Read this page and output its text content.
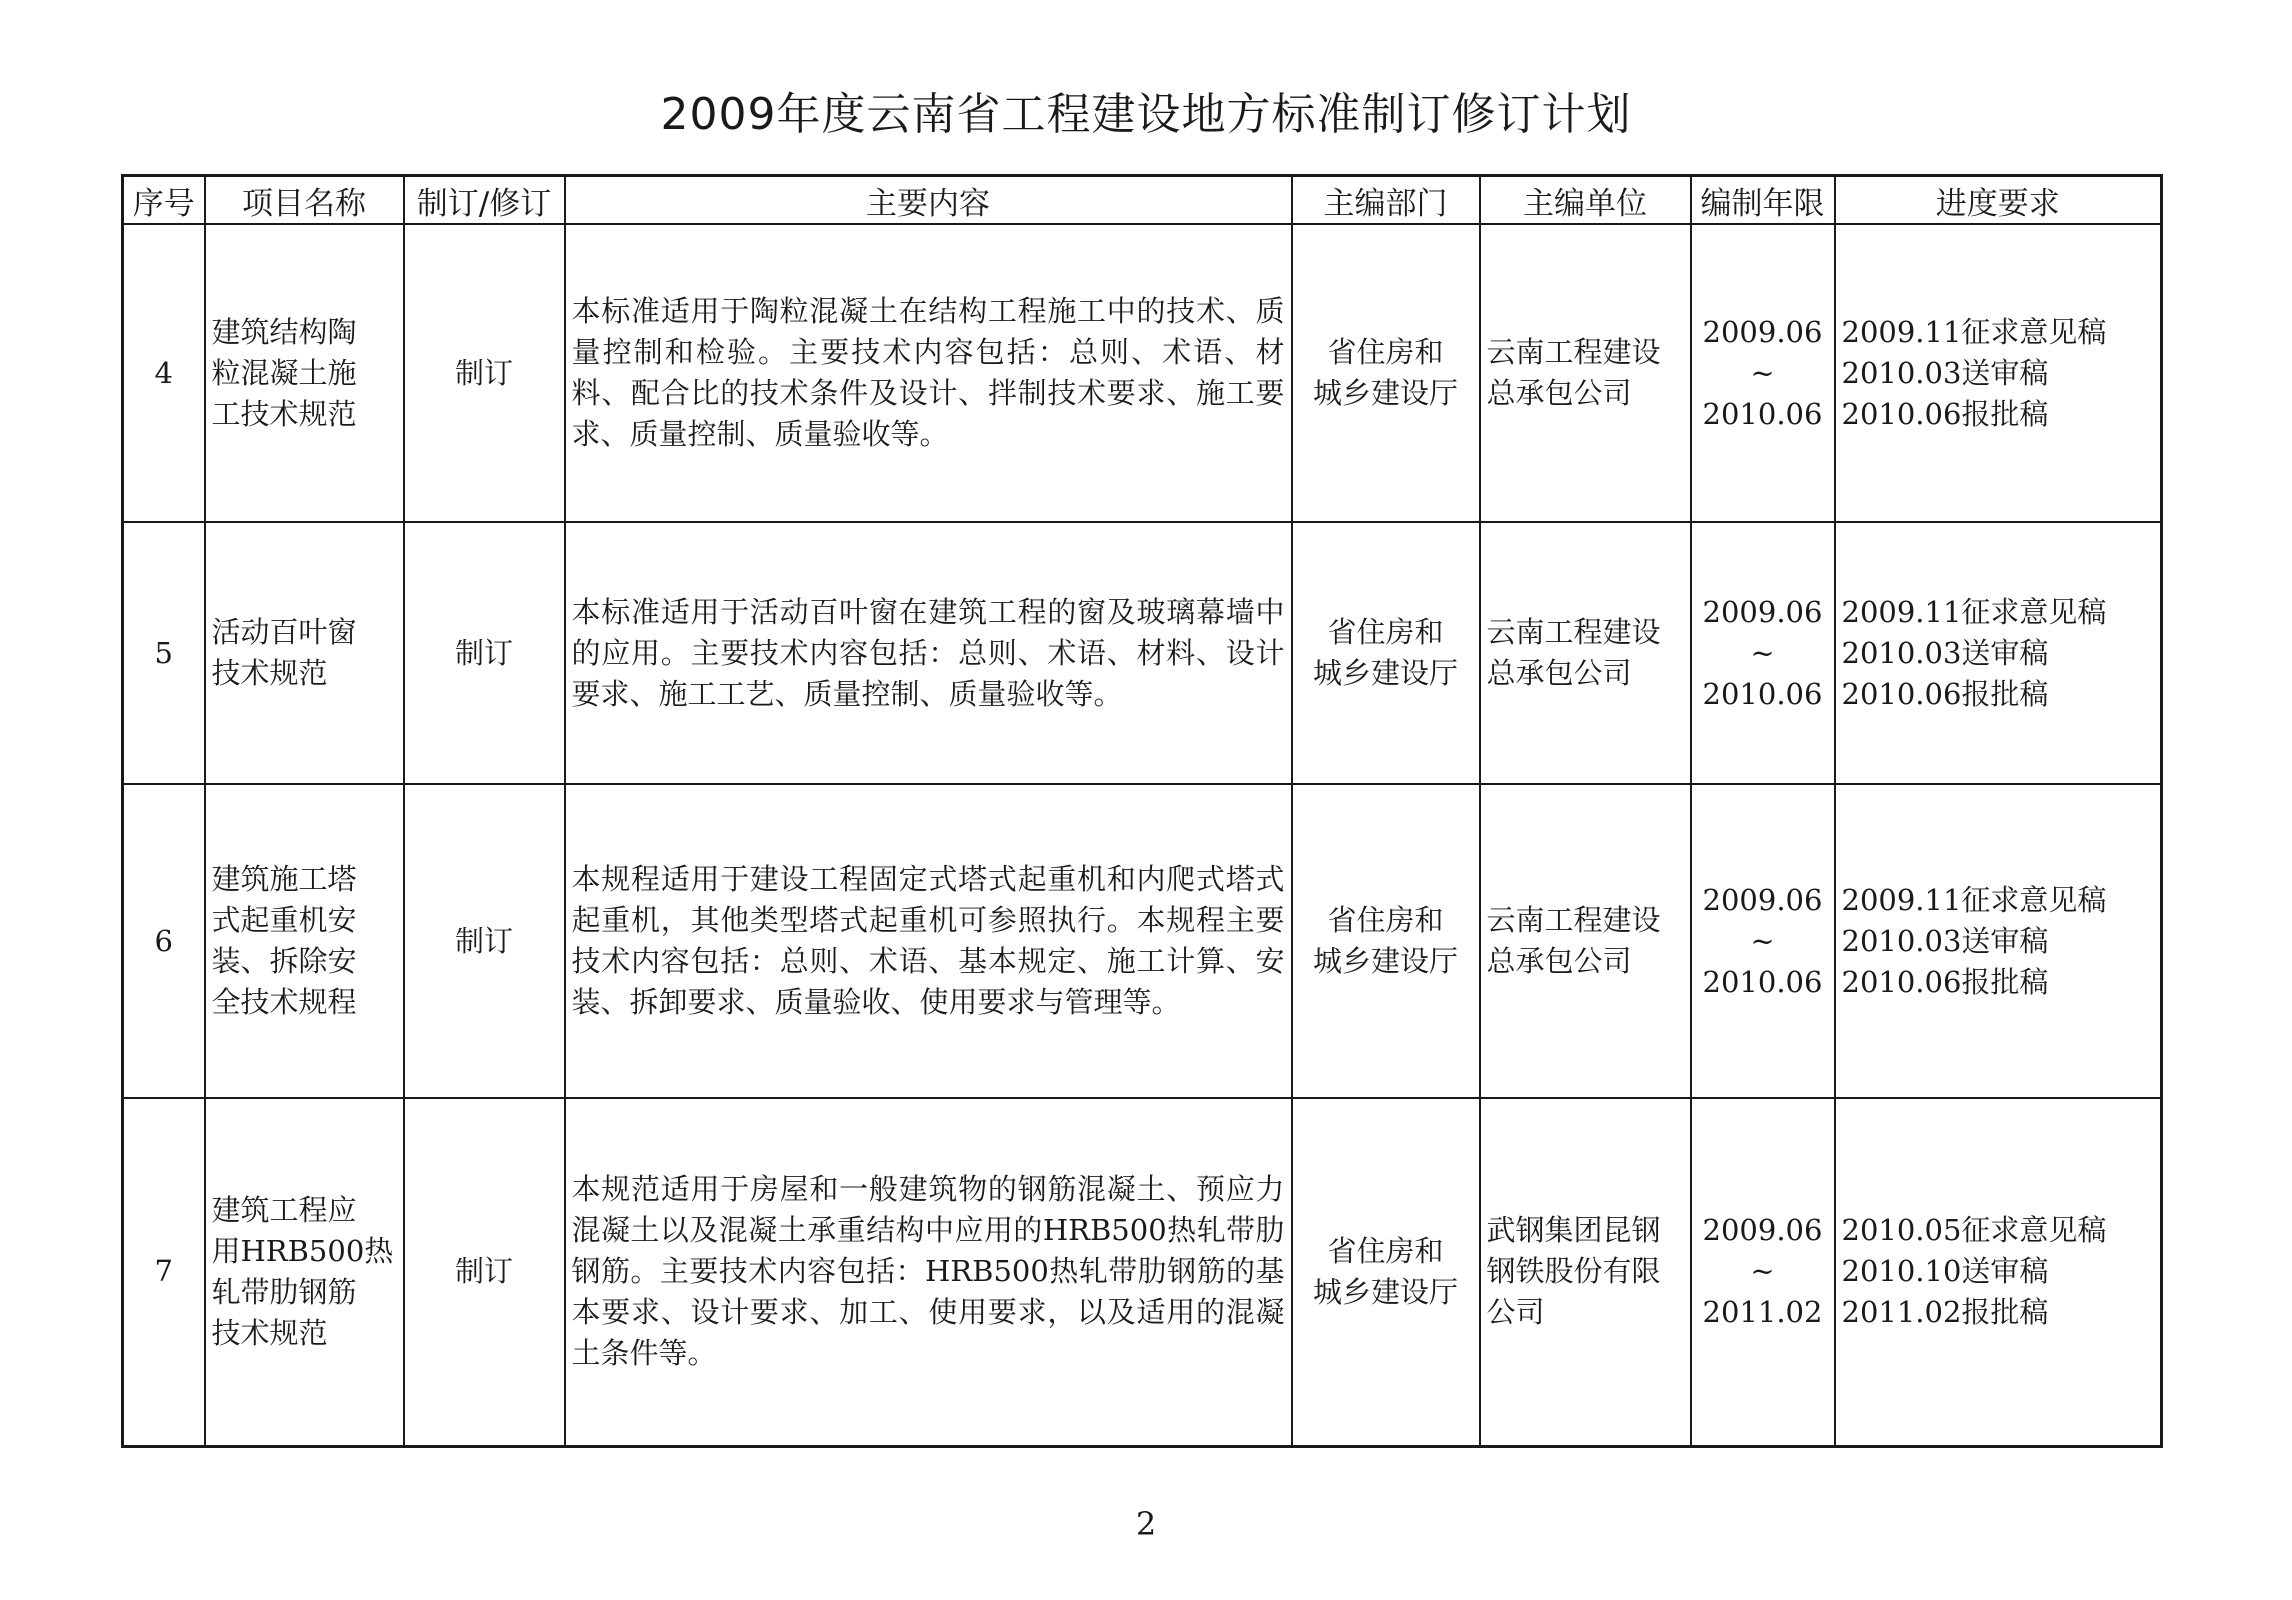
2009年度云南省工程建设地方标准制订修订计划
序号	项目名称	制订/修订	主要内容	主编部门	主编单位	编制年限	进度要求
4	建筑结构陶
粒混凝土施
工技术规范	制订	本标准适用于陶粒混凝土在结构工程施工中的技术、质量控制和检验。主要技术内容包括：总则、术语、材料、配合比的技术条件及设计、拌制技术要求、施工要求、质量控制、质量验收等。	省住房和
城乡建设厅	云南工程建设
总承包公司	2009.06
~
2010.06	2009.11征求意见稿
2010.03送审稿
2010.06报批稿

5	活动百叶窗
技术规范	制订	本标准适用于活动百叶窗在建筑工程的窗及玻璃幕墙中的应用。主要技术内容包括：总则、术语、材料、设计要求、施工工艺、质量控制、质量验收等。	省住房和
城乡建设厅	云南工程建设
总承包公司	2009.06
~
2010.06	2009.11征求意见稿
2010.03送审稿
2010.06报批稿

6	建筑施工塔
式起重机安
装、拆除安
全技术规程	制订	本规程适用于建设工程固定式塔式起重机和内爬式塔式起重机，其他类型塔式起重机可参照执行。本规程主要技术内容包括：总则、术语、基本规定、施工计算、安装、拆卸要求、质量验收、使用要求与管理等。	省住房和
城乡建设厅	云南工程建设
总承包公司	2009.06
~
2010.06	2009.11征求意见稿
2010.03送审稿
2010.06报批稿

7	建筑工程应
用HRB500热
轧带肋钢筋
技术规范	制订	本规范适用于房屋和一般建筑物的钢筋混凝土、预应力混凝土以及混凝土承重结构中应用的HRB500热轧带肋钢筋。主要技术内容包括：HRB500热轧带肋钢筋的基本要求、设计要求、加工、使用要求，以及适用的混凝土条件等。	省住房和
城乡建设厅	武钢集团昆钢
钢铁股份有限
公司	2009.06
~
2011.02	2010.05征求意见稿
2010.10送审稿
2011.02报批稿
2
